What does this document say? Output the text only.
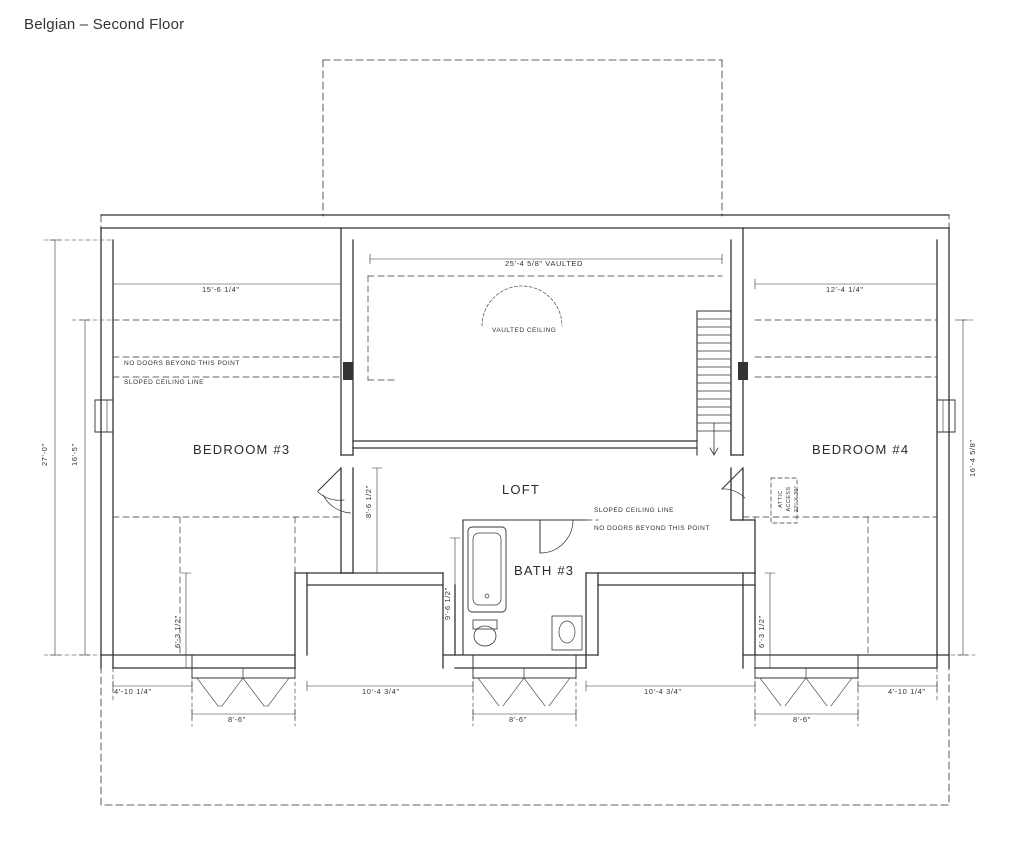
Belgian – Second Floor
BEDROOM #3	BEDROOM #4
LOFT
BATH #3
VAULTED CEILING
NO DOORS BEYOND THIS POINT
SLOPED CEILING LINE
SLOPED CEILING LINE
NO DOORS BEYOND THIS POINT
ATTIC ACCESS 22" X 30"
25'-4 5/8" VAULTED
15'-6 1/4"	12'-4 1/4"
4'-10 1/4"
8'-6"
10'-4 3/4"
8'-6"
10'-4 3/4"
8'-6"
4'-10 1/4"
27'-0"	16'-5"	16'-4 5/8"
6'-3 1/2"	6'-3 1/2"
8'-6 1/2"
9'-6 1/2"
